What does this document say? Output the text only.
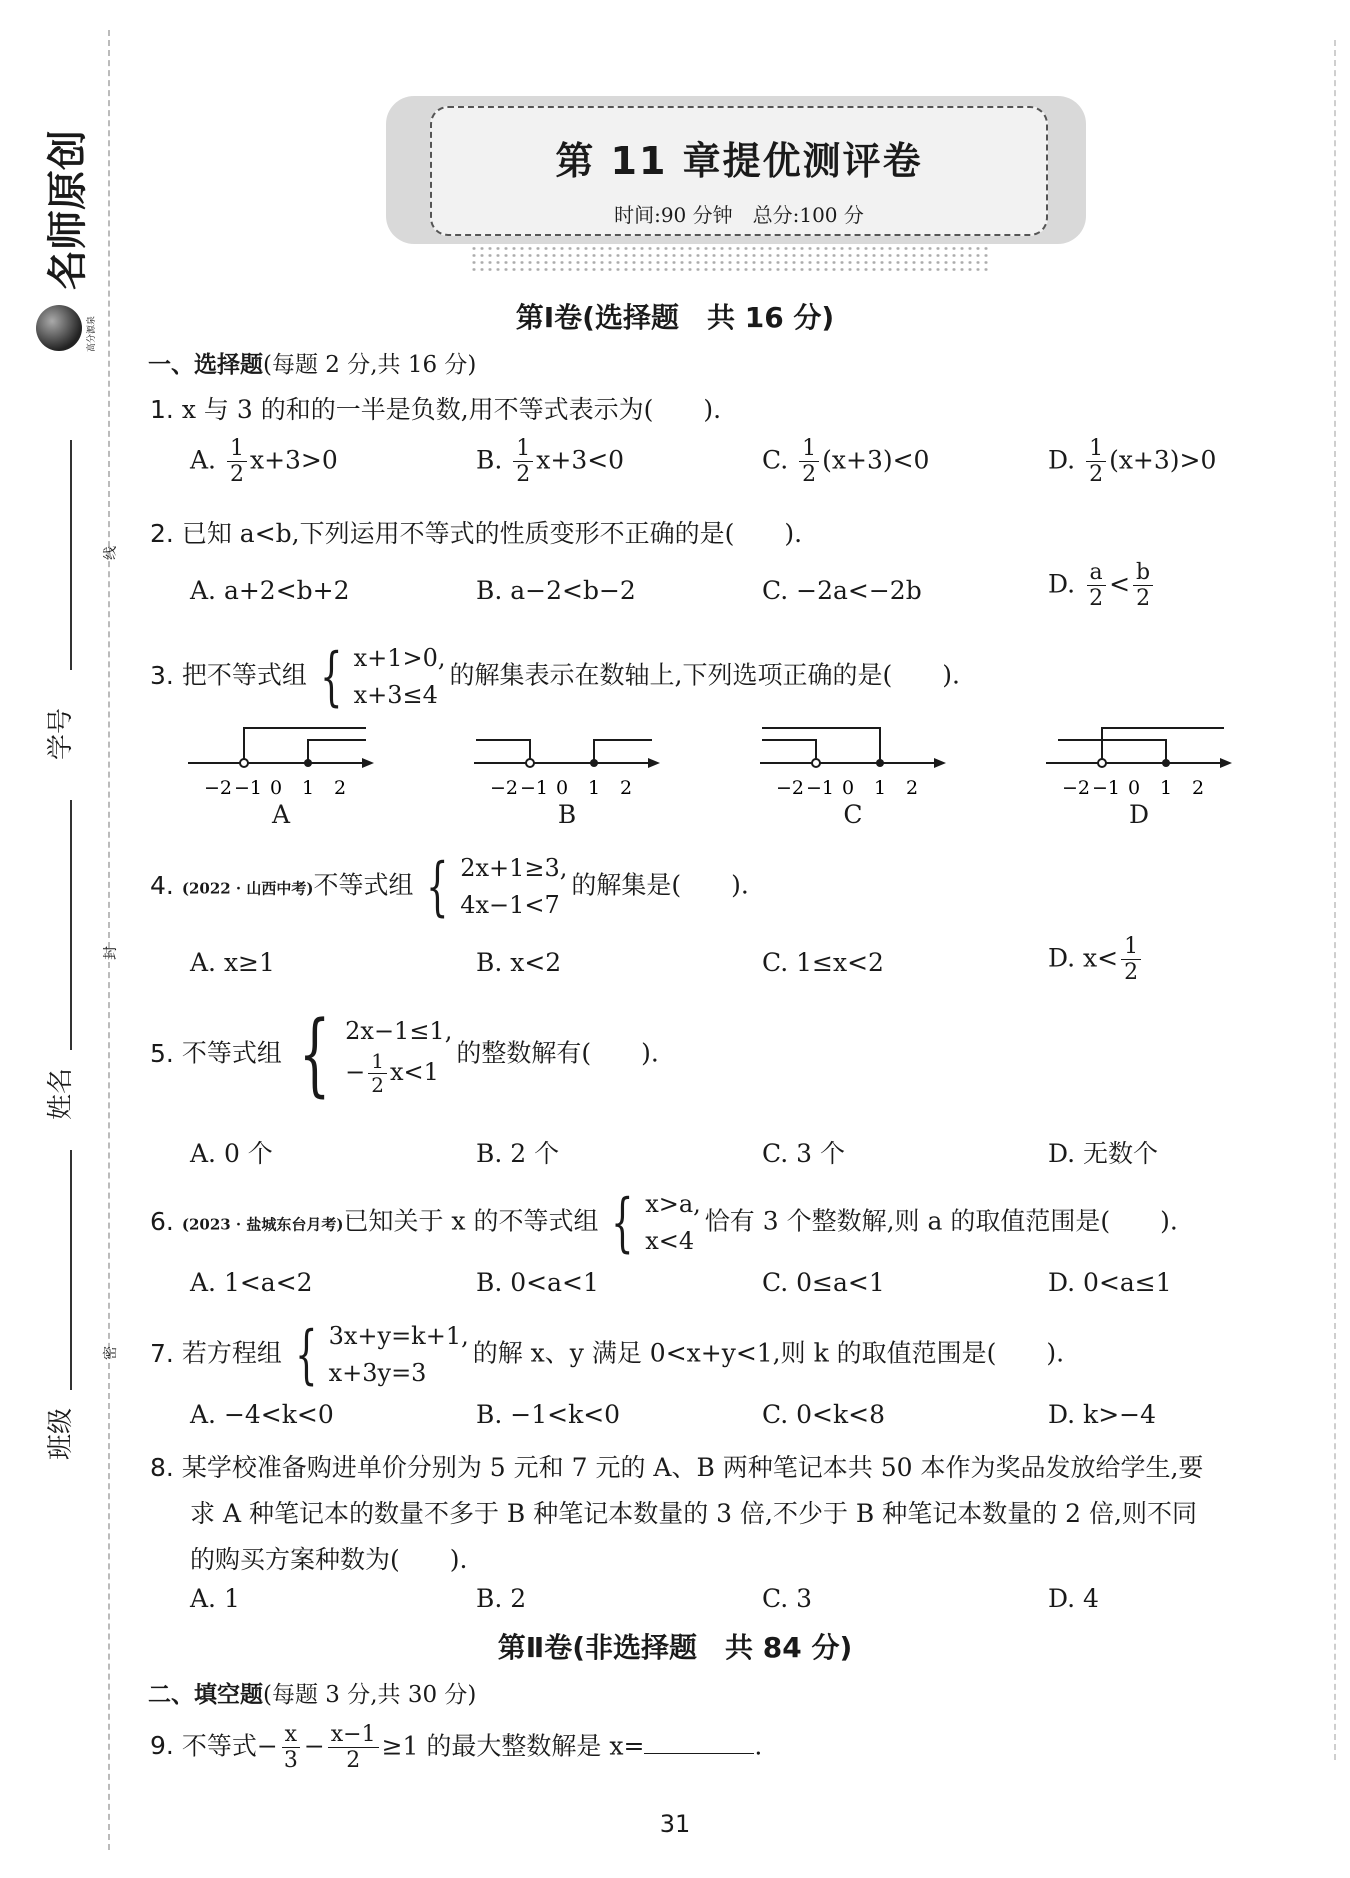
名师原创
高分源泉
学号
姓名
班级
线
封
密
第 11 章提优测评卷
时间:90 分钟　总分:100 分
第Ⅰ卷(选择题　共 16 分)
一、选择题(每题 2 分,共 16 分)
1. x 与 3 的和的一半是负数,用不等式表示为(　　).
A. $\frac{1}{2} x+3>0$	B. $\frac{1}{2} x+3<0$	C. $\frac{1}{2} (x+3)<0$	D. $\frac{1}{2} (x+3)>0$
2. 已知 a<b,下列运用不等式的性质变形不正确的是(　　).
A. a+2<b+2	B. a−2<b−2	C. −2a<−2b	D. $\frac{a}{2} < \frac{b}{2}$
3. 把不等式组 { x+1>0,
x+3≤4
的解集表示在数轴上,下列选项正确的是(　　).
−2 −1 0 1 2
A
−2 −1 0 1 2
B
−2 −1 0 1 2
C
−2 −1 0 1 2
D
4. (2022 · 山西中考)不等式组 { 2x+1≥3,
4x−1<7
的解集是(　　).
A. x≥1	B. x<2	C. 1≤x<2	D. $x< \frac{1}{2}$
5. 不等式组 { 2x−1≤1,
− $\frac{1}{2} x<1$
的整数解有(　　).
A. 0 个	B. 2 个	C. 3 个	D. 无数个
6. (2023 · 盐城东台月考)已知关于 x 的不等式组 { x>a,
x<4
恰有 3 个整数解,则 a 的取值范围是(　　).
A. 1<a<2	B. 0<a<1	C. 0≤a<1	D. 0<a≤1
7. 若方程组 { 3x+y=k+1,
x+3y=3
的解 x、y 满足 0<x+y<1,则 k 的取值范围是(　　).
A. −4<k<0	B. −1<k<0	C. 0<k<8	D. k>−4
8. 某学校准备购进单价分别为 5 元和 7 元的 A、B 两种笔记本共 50 本作为奖品发放给学生,要
求 A 种笔记本的数量不多于 B 种笔记本数量的 3 倍,不少于 B 种笔记本数量的 2 倍,则不同
的购买方案种数为(　　).
A. 1	B. 2	C. 3	D. 4
第Ⅱ卷(非选择题　共 84 分)
二、填空题(每题 3 分,共 30 分)
9. 不等式− $\frac{x}{3} - \frac{x-1}{2} \ge 1$ 的最大整数解是 x=	.
31
